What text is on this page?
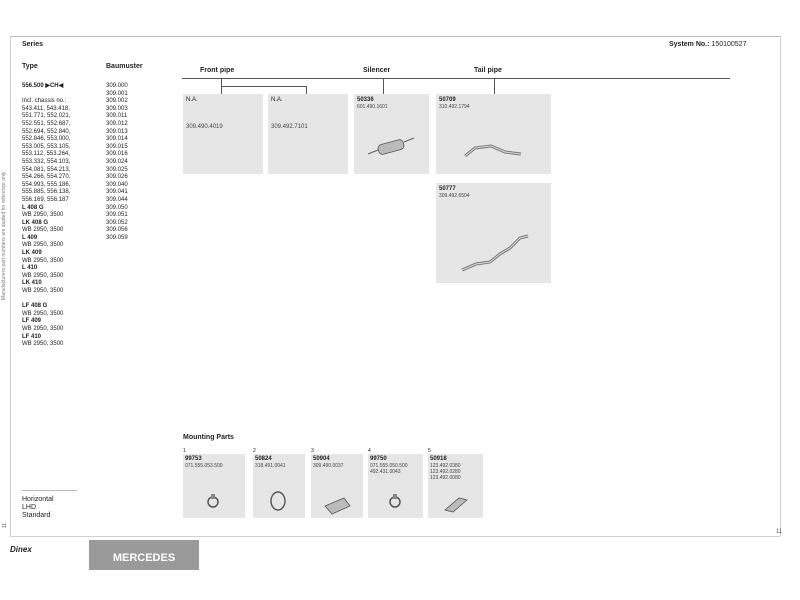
Series	System No.: 150100527
Manufacturers part numbers are quoted for reference only
Type	Baumuster
556.500 ▶CH◀
Incl. chassis no.:
543.411, 543.418,
551.771, 552.021,
552.551, 552.687,
552.694, 552.840,
552.846, 553.000,
553.005, 553.105,
553.112, 553.264,
553.332, 554.103,
554.081, 554.213,
554.266, 554.270,
554.993, 555.186,
555.885, 556.138,
556.169, 556.187
L 408 G
WB 2950, 3500
LK 408 G
WB 2950, 3500
L 409
WB 2950, 3500
LK 409
WB 2950, 3500
L 410
WB 2950, 3500
LK 410
WB 2950, 3500
LF 408 G
WB 2950, 3500
LF 409
WB 2950, 3500
LF 410
WB 2950, 3500
309.000
309.001
309.002
309.003
309.011
309.012
309.013
309.014
309.015
309.016
309.024
309.025
309.026
309.040
309.041
309.044
309.050
309.051
309.052
309.056
309.059
Horizontal
LHD
Standard
Front pipe	Silencer	Tail pipe
N.A.
309.490.4019
N.A.
309.492.7101
50336
601.490.1601
50709
310.492.1794
50777
309.492.6504
Mounting Parts
1
99753
071.555.053.500
2
50824
318.491.0041
3
50904
309.490.0037
4
99750
071.555.050.500
492.431.0043
5
50918
123.492.0380
123.492.0280
123.492.0080
Dinex
MERCEDES
11
11
